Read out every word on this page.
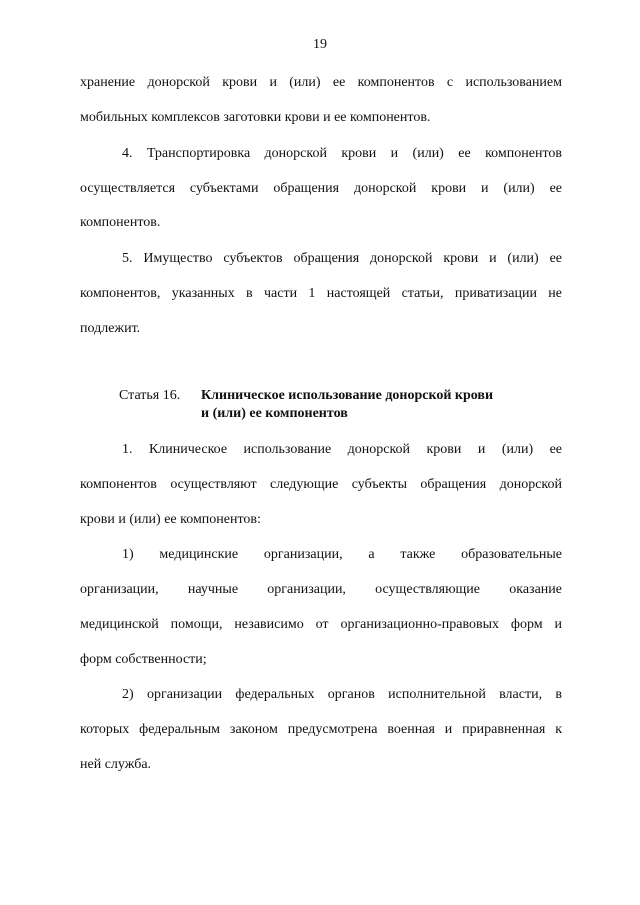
19
хранение донорской крови и (или) ее компонентов с использованием
мобильных комплексов заготовки крови и ее компонентов.
4. Транспортировка донорской крови и (или) ее компонентов
осуществляется субъектами обращения донорской крови и (или) ее
компонентов.
5. Имущество субъектов обращения донорской крови и (или) ее
компонентов, указанных в части 1 настоящей статьи, приватизации не
подлежит.
Статья 16. Клиническое использование донорской крови
и (или) ее компонентов
1. Клиническое использование донорской крови и (или) ее
компонентов осуществляют следующие субъекты обращения донорской
крови и (или) ее компонентов:
1) медицинские организации, а также образовательные
организации, научные организации, осуществляющие оказание
медицинской помощи, независимо от организационно-правовых форм и
форм собственности;
2) организации федеральных органов исполнительной власти, в
которых федеральным законом предусмотрена военная и приравненная к
ней служба.
